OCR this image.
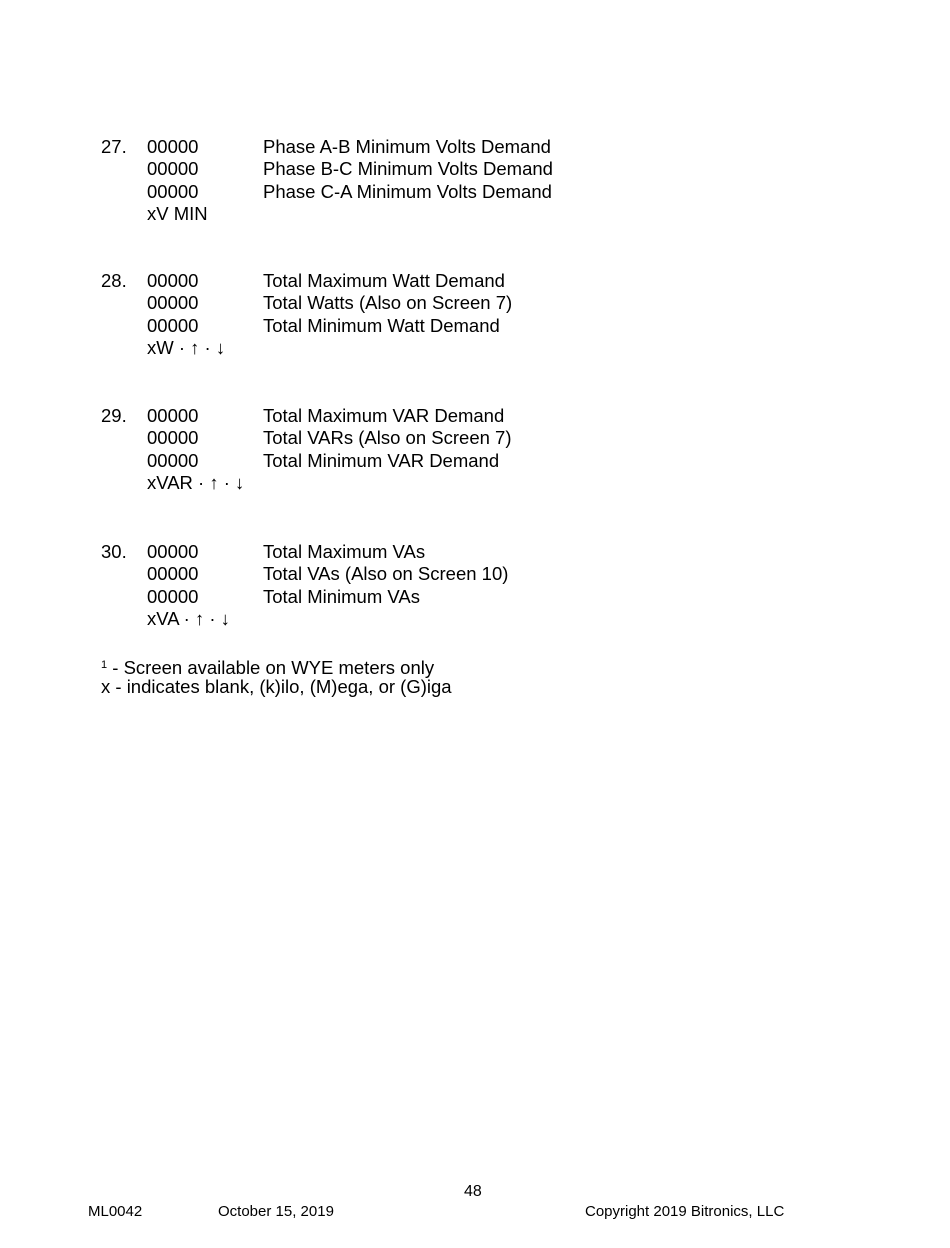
27. 00000	Phase A-B Minimum Volts Demand
00000	Phase B-C Minimum Volts Demand
00000	Phase C-A Minimum Volts Demand
xV MIN
28. 00000	Total Maximum Watt Demand
00000	Total Watts (Also on Screen 7)
00000	Total Minimum Watt Demand
xW · ↑ · ↓
29. 00000	Total Maximum VAR Demand
00000	Total VARs (Also on Screen 7)
00000	Total Minimum VAR Demand
xVAR · ↑ · ↓
30. 00000	Total Maximum VAs
00000	Total VAs (Also on Screen 10)
00000	Total Minimum VAs
xVA · ↑ · ↓
$^1$ - Screen available on WYE meters only
x - indicates blank, (k)ilo, (M)ega, or (G)iga
48
ML0042	October 15, 2019	Copyright 2019 Bitronics, LLC
